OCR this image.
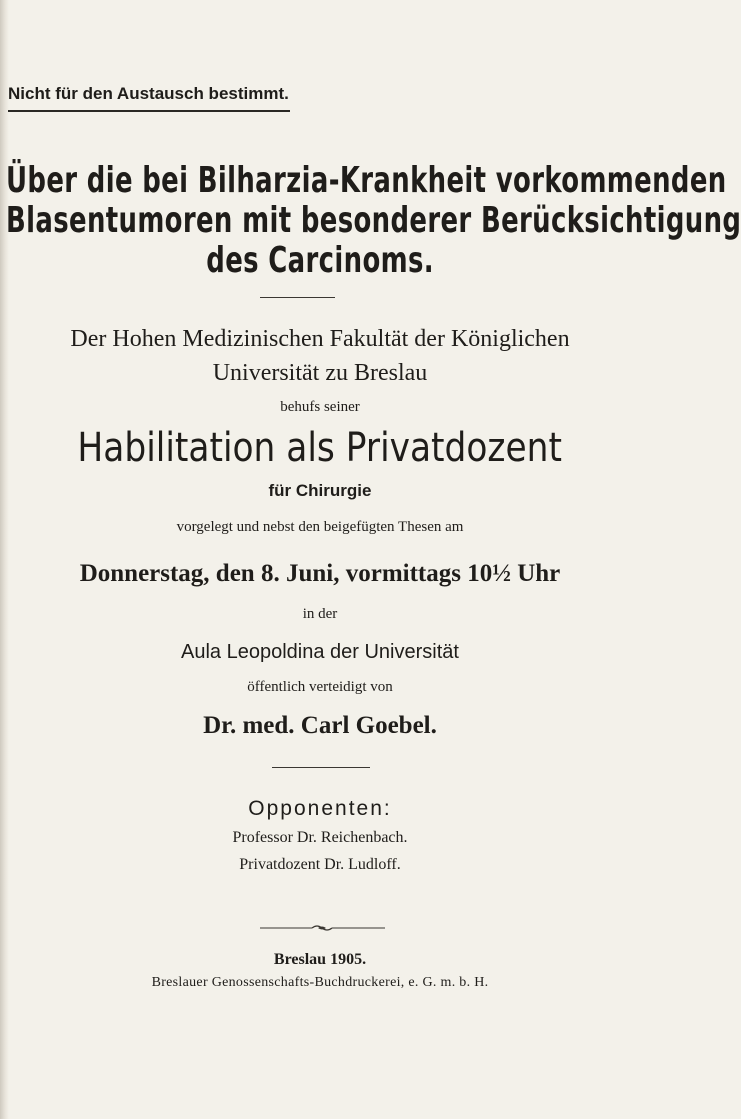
Nicht für den Austausch bestimmt.
Über die bei Bilharzia-Krankheit vorkommenden
Blasentumoren mit besonderer Berücksichtigung
des Carcinoms.
Der Hohen Medizinischen Fakultät der Königlichen
Universität zu Breslau
behufs seiner
Habilitation als Privatdozent
für Chirurgie
vorgelegt und nebst den beigefügten Thesen am
Donnerstag, den 8. Juni, vormittags 10½ Uhr
in der
Aula Leopoldina der Universität
öffentlich verteidigt von
Dr. med. Carl Goebel.
Opponenten:
Professor Dr. Reichenbach.
Privatdozent Dr. Ludloff.
Breslau 1905.
Breslauer Genossenschafts-Buchdruckerei, e. G. m. b. H.
